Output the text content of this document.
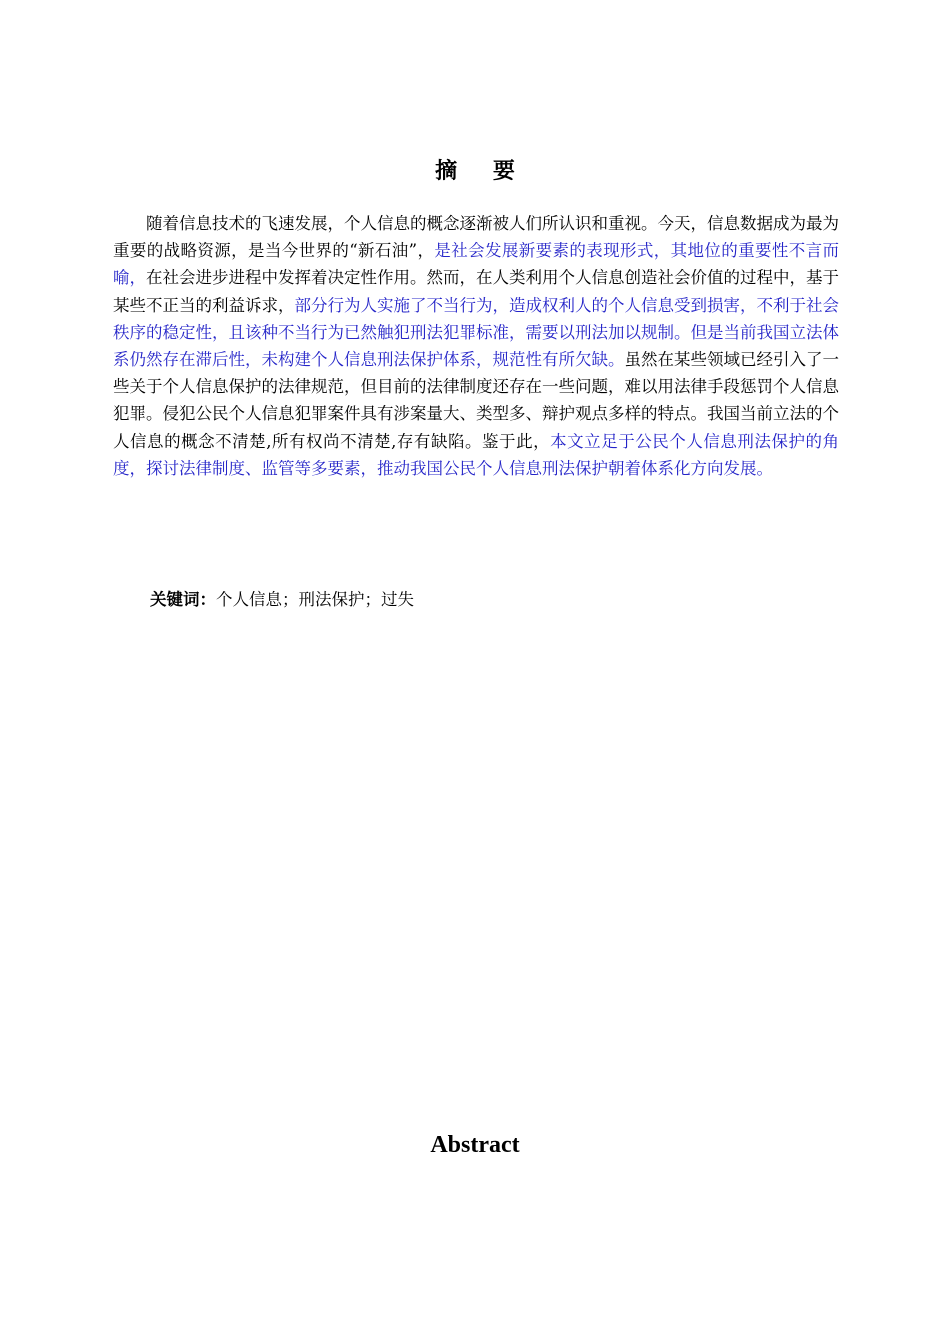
摘 要

随着信息技术的飞速发展，个人信息的概念逐渐被人们所认识和重视。今天，信息数据成为最为重要的战略资源，是当今世界的“新石油”，是社会发展新要素的表现形式，其地位的重要性不言而喻，在社会进步进程中发挥着决定性作用。然而，在人类利用个人信息创造社会价值的过程中，基于某些不正当的利益诉求，部分行为人实施了不当行为，造成权利人的个人信息受到损害，不利于社会秩序的稳定性，且该种不当行为已然触犯刑法犯罪标准，需要以刑法加以规制。但是当前我国立法体系仍然存在滞后性，未构建个人信息刑法保护体系，规范性有所欠缺。虽然在某些领域已经引入了一些关于个人信息保护的法律规范，但目前的法律制度还存在一些问题，难以用法律手段惩罚个人信息犯罪。侵犯公民个人信息犯罪案件具有涉案量大、类型多、辩护观点多样的特点。我国当前立法的个人信息的概念不清楚,所有权尚不清楚,存有缺陷。鉴于此，本文立足于公民个人信息刑法保护的角度，探讨法律制度、监管等多要素，推动我国公民个人信息刑法保护朝着体系化方向发展。

关键词：个人信息；刑法保护；过失
Abstract
